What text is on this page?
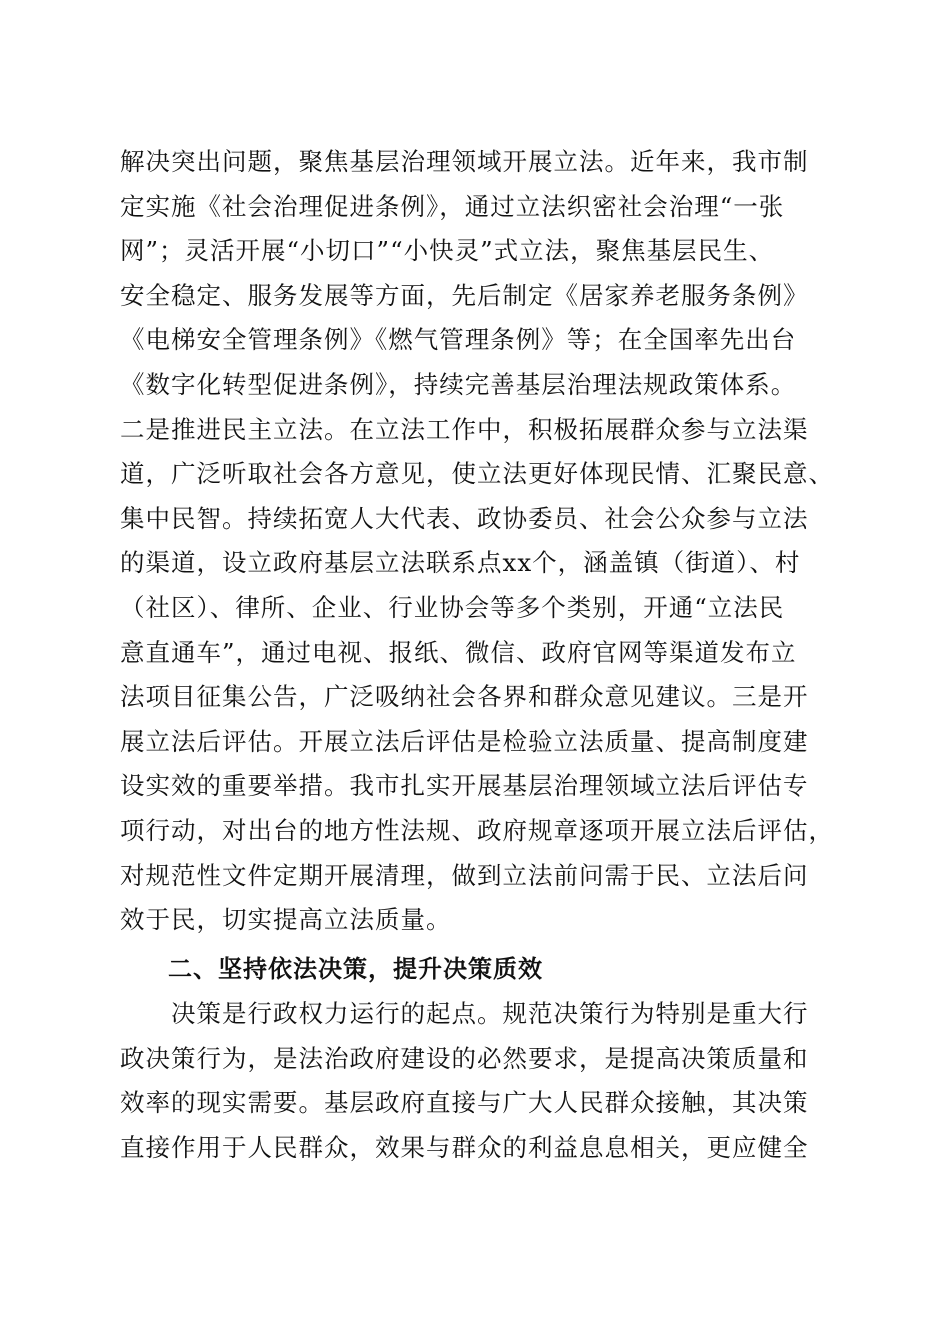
解决突出问题，聚焦基层治理领域开展立法。近年来，我市制
定实施《社会治理促进条例》，通过立法织密社会治理“一张
网”；灵活开展“小切口”“小快灵”式立法，聚焦基层民生、
安全稳定、服务发展等方面，先后制定《居家养老服务条例》
《电梯安全管理条例》《燃气管理条例》等；在全国率先出台
《数字化转型促进条例》，持续完善基层治理法规政策体系。
二是推进民主立法。在立法工作中，积极拓展群众参与立法渠
道，广泛听取社会各方意见，使立法更好体现民情、汇聚民意、
集中民智。持续拓宽人大代表、政协委员、社会公众参与立法
的渠道，设立政府基层立法联系点xx个，涵盖镇（街道）、村
（社区）、律所、企业、行业协会等多个类别，开通“立法民
意直通车”，通过电视、报纸、微信、政府官网等渠道发布立
法项目征集公告，广泛吸纳社会各界和群众意见建议。三是开
展立法后评估。开展立法后评估是检验立法质量、提高制度建
设实效的重要举措。我市扎实开展基层治理领域立法后评估专
项行动，对出台的地方性法规、政府规章逐项开展立法后评估，
对规范性文件定期开展清理，做到立法前问需于民、立法后问
效于民，切实提高立法质量。
二、坚持依法决策，提升决策质效
　　决策是行政权力运行的起点。规范决策行为特别是重大行
政决策行为，是法治政府建设的必然要求，是提高决策质量和
效率的现实需要。基层政府直接与广大人民群众接触，其决策
直接作用于人民群众，效果与群众的利益息息相关，更应健全
